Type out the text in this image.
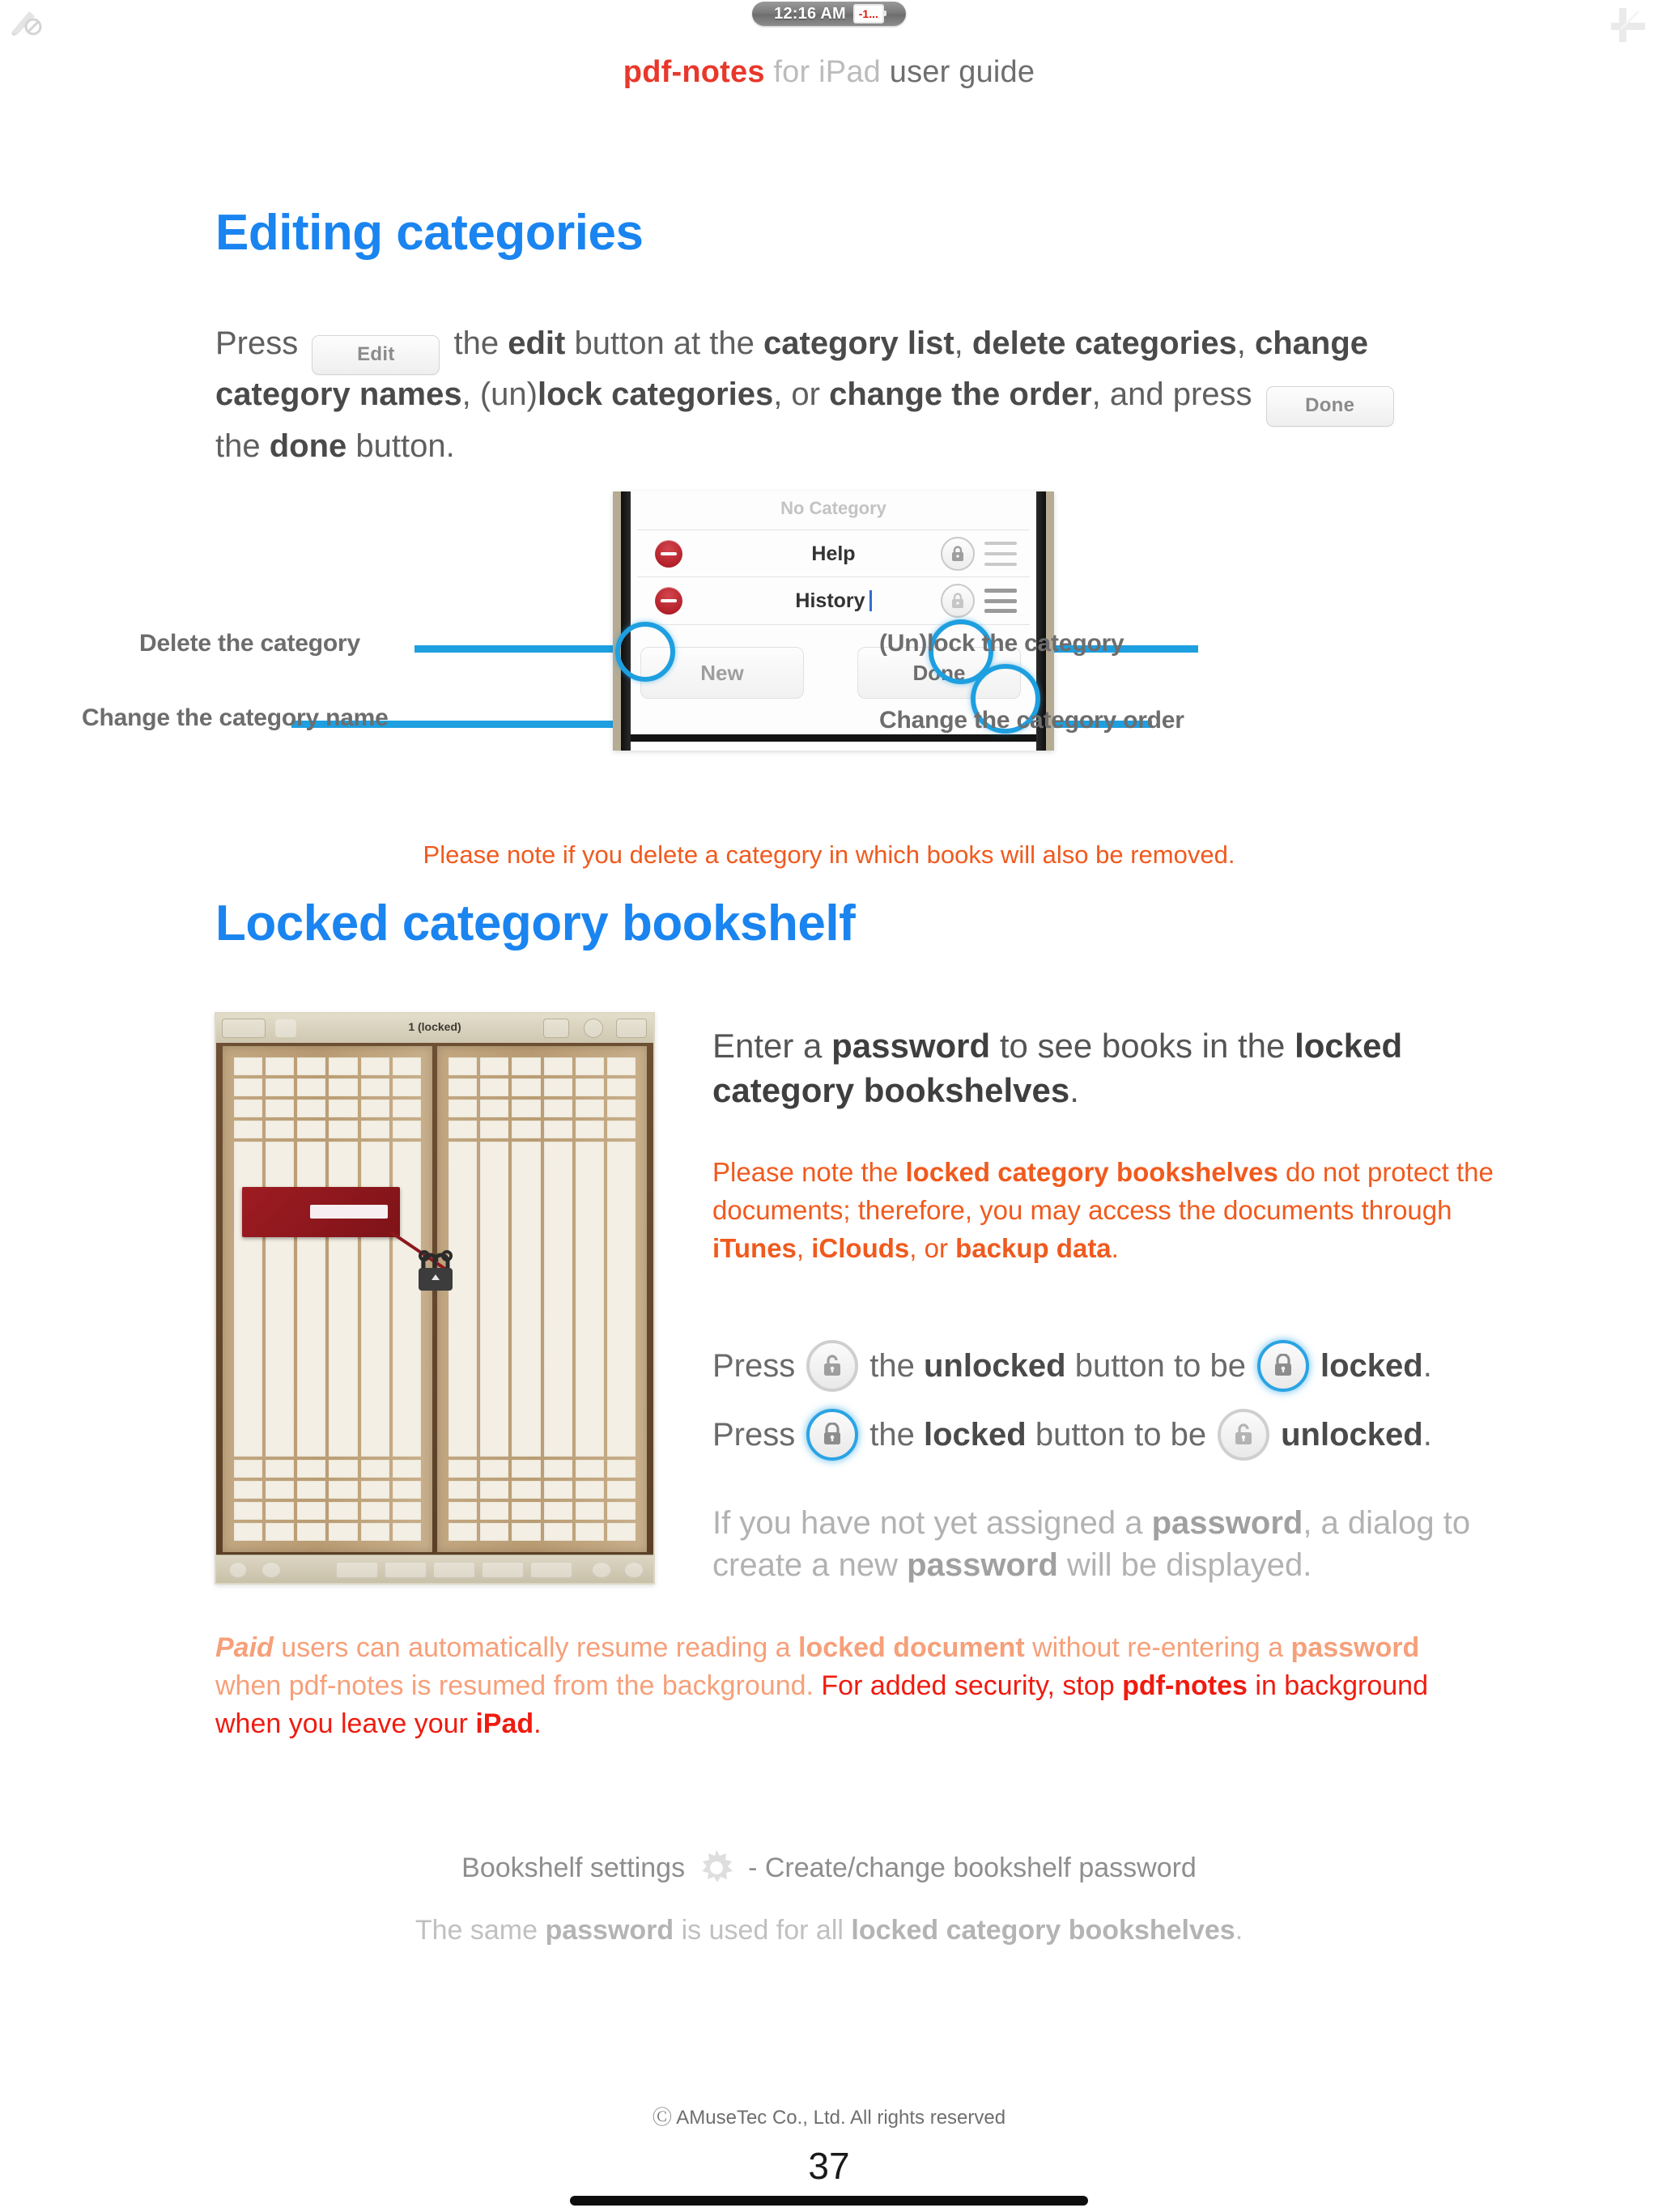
12:16 AM -1...
pdf-notes for iPad user guide
Editing categories
Press	Edit the edit button at the category list, delete categories, change category names, (un)lock categories, or change the order, and press	Done the done button.
No Category
Help
History
New	Done
Delete the category	(Un)lock the category
Change the category name	Change the category order
Please note if you delete a category in which books will also be removed.
Locked category bookshelf
1 (locked)	Enter a password to see books in the locked category bookshelves.
Please note the locked category bookshelves do not protect the documents; therefore, you may access the documents through iTunes, iClouds, or backup data.
Press the
unlocked
button to be locked .
Press the
locked
button to be unlocked .
If you have not yet assigned a password, a dialog to create a new password will be displayed.
Paid users can automatically resume reading a locked document without re-entering a password when pdf-notes is resumed from the background. For added security, stop pdf-notes in background when you leave your iPad.
Bookshelf settings - Create/change bookshelf password
The same password is used for all locked category bookshelves.
Ⓒ AMuseTec Co., Ltd. All rights reserved
37
